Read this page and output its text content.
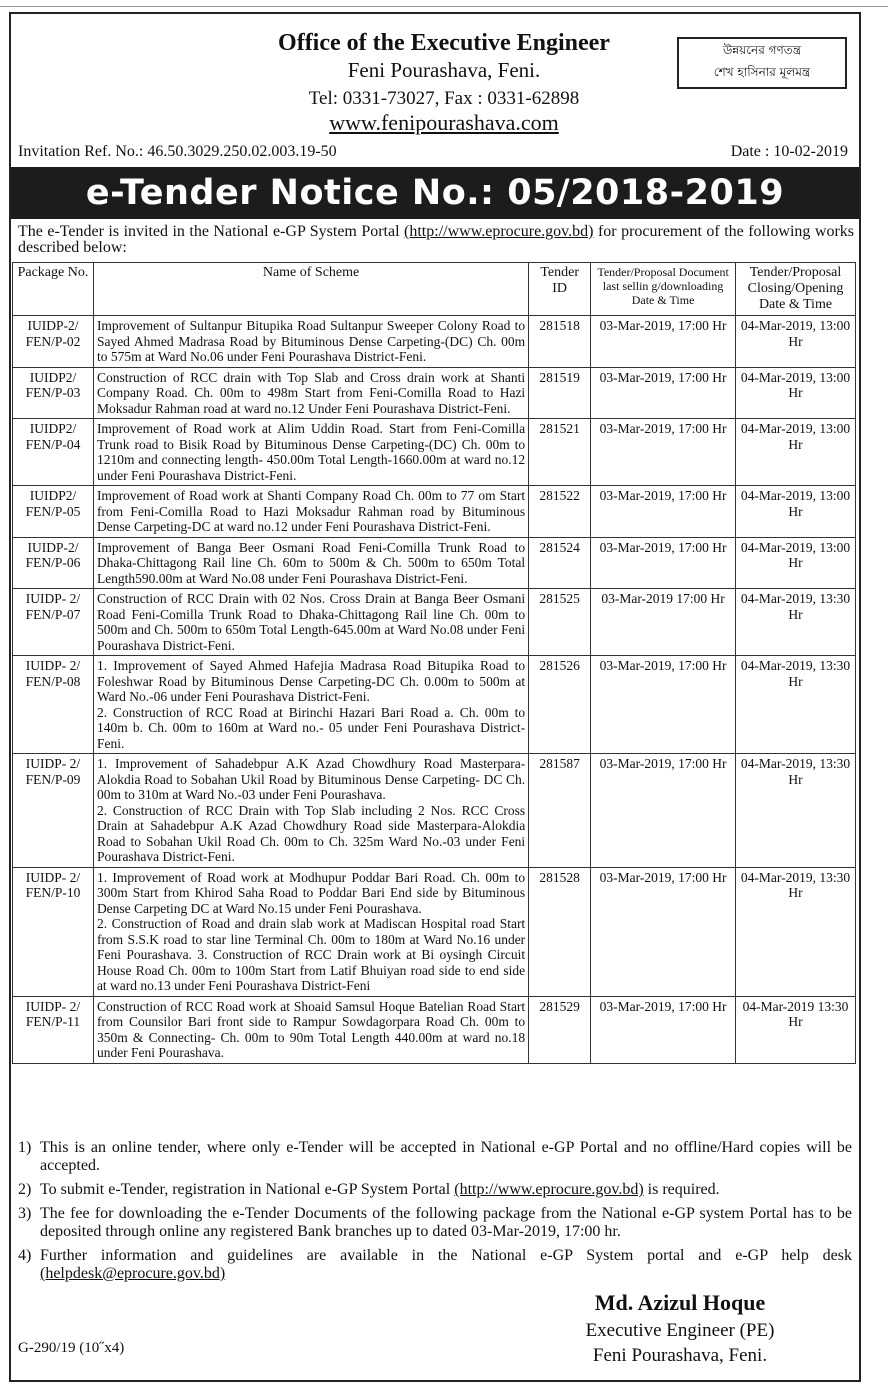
Office of the Executive Engineer
Feni Pourashava, Feni.
Tel: 0331-73027, Fax : 0331-62898
www.fenipourashava.com
উন্নয়নের গণতন্ত্র
শেখ হাসিনার মূলমন্ত্র
Invitation Ref. No.: 46.50.3029.250.02.003.19-50	Date : 10-02-2019
e-Tender Notice No.: 05/2018-2019
The e-Tender is invited in the National e-GP System Portal (http://www.eprocure.gov.bd) for procurement of the following works described below:
Package No.	Name of Scheme	Tender ID	Tender/Proposal Document last sellin g/downloading Date & Time	Tender/Proposal Closing/Opening Date & Time
IUIDP-2/ FEN/P-02	Improvement of Sultanpur Bitupika Road Sultanpur Sweeper Colony Road to Sayed Ahmed Madrasa Road by Bituminous Dense Carpeting-(DC) Ch. 00m to 575m at Ward No.06 under Feni Pourashava District-Feni.	281518	03-Mar-2019, 17:00 Hr	04-Mar-2019, 13:00 Hr
IUIDP2/ FEN/P-03	Construction of RCC drain with Top Slab and Cross drain work at Shanti Company Road. Ch. 00m to 498m Start from Feni-Comilla Road to Hazi Moksadur Rahman road at ward no.12 Under Feni Pourashava District-Feni.	281519	03-Mar-2019, 17:00 Hr	04-Mar-2019, 13:00 Hr
IUIDP2/ FEN/P-04	Improvement of Road work at Alim Uddin Road. Start from Feni-Comilla Trunk road to Bisik Road by Bituminous Dense Carpeting-(DC) Ch. 00m to 1210m and connecting length- 450.00m Total Length-1660.00m at ward no.12 under Feni Pourashava District-Feni.	281521	03-Mar-2019, 17:00 Hr	04-Mar-2019, 13:00 Hr
IUIDP2/ FEN/P-05	Improvement of Road work at Shanti Company Road Ch. 00m to 77 om Start from Feni-Comilla Road to Hazi Moksadur Rahman road by Bituminous Dense Carpeting-DC at ward no.12 under Feni Pourashava District-Feni.	281522	03-Mar-2019, 17:00 Hr	04-Mar-2019, 13:00 Hr
IUIDP-2/ FEN/P-06	Improvement of Banga Beer Osmani Road Feni-Comilla Trunk Road to Dhaka-Chittagong Rail line Ch. 60m to 500m & Ch. 500m to 650m Total Length590.00m at Ward No.08 under Feni Pourashava District-Feni.	281524	03-Mar-2019, 17:00 Hr	04-Mar-2019, 13:00 Hr
IUIDP- 2/ FEN/P-07	Construction of RCC Drain with 02 Nos. Cross Drain at Banga Beer Osmani Road Feni-Comilla Trunk Road to Dhaka-Chittagong Rail line Ch. 00m to 500m and Ch. 500m to 650m Total Length-645.00m at Ward No.08 under Feni Pourashava District-Feni.	281525	03-Mar-2019 17:00 Hr	04-Mar-2019, 13:30 Hr
IUIDP- 2/ FEN/P-08	1. Improvement of Sayed Ahmed Hafejia Madrasa Road Bitupika Road to Foleshwar Road by Bituminous Dense Carpeting-DC Ch. 0.00m to 500m at Ward No.-06 under Feni Pourashava District-Feni.
2. Construction of RCC Road at Birinchi Hazari Bari Road a. Ch. 00m to 140m b. Ch. 00m to 160m at Ward no.- 05 under Feni Pourashava District-Feni.	281526	03-Mar-2019, 17:00 Hr	04-Mar-2019, 13:30 Hr
IUIDP- 2/ FEN/P-09	1. Improvement of Sahadebpur A.K Azad Chowdhury Road Masterpara-Alokdia Road to Sobahan Ukil Road by Bituminous Dense Carpeting- DC Ch. 00m to 310m at Ward No.-03 under Feni Pourashava.
2. Construction of RCC Drain with Top Slab including 2 Nos. RCC Cross Drain at Sahadebpur A.K Azad Chowdhury Road side Masterpara-Alokdia Road to Sobahan Ukil Road Ch. 00m to Ch. 325m Ward No.-03 under Feni Pourashava District-Feni.	281587	03-Mar-2019, 17:00 Hr	04-Mar-2019, 13:30 Hr
IUIDP- 2/ FEN/P-10	1. Improvement of Road work at Modhupur Poddar Bari Road. Ch. 00m to 300m Start from Khirod Saha Road to Poddar Bari End side by Bituminous Dense Carpeting DC at Ward No.15 under Feni Pourashava.
2. Construction of Road and drain slab work at Madiscan Hospital road Start from S.S.K road to star line Terminal Ch. 00m to 180m at Ward No.16 under Feni Pourashava. 3. Construction of RCC Drain work at Bi oysingh Circuit House Road Ch. 00m to 100m Start from Latif Bhuiyan road side to end side at ward no.13 under Feni Pourashava District-Feni	281528	03-Mar-2019, 17:00 Hr	04-Mar-2019, 13:30 Hr
IUIDP- 2/ FEN/P-11	Construction of RCC Road work at Shoaid Samsul Hoque Batelian Road Start from Counsilor Bari front side to Rampur Sowdagorpara Road Ch. 00m to 350m & Connecting- Ch. 00m to 90m Total Length 440.00m at ward no.18 under Feni Pourashava.	281529	03-Mar-2019, 17:00 Hr	04-Mar-2019 13:30 Hr
1) This is an online tender, where only e-Tender will be accepted in National e-GP Portal and no offline/Hard copies will be accepted.
2) To submit e-Tender, registration in National e-GP System Portal (http://www.eprocure.gov.bd) is required.
3) The fee for downloading the e-Tender Documents of the following package from the National e-GP system Portal has to be deposited through online any registered Bank branches up to dated 03-Mar-2019, 17:00 hr.
4) Further information and guidelines are available in the National e-GP System portal and e-GP help desk (helpdesk@eprocure.gov.bd)
Md. Azizul Hoque
Executive Engineer (PE)
Feni Pourashava, Feni.
G-290/19 (10˝x4)
